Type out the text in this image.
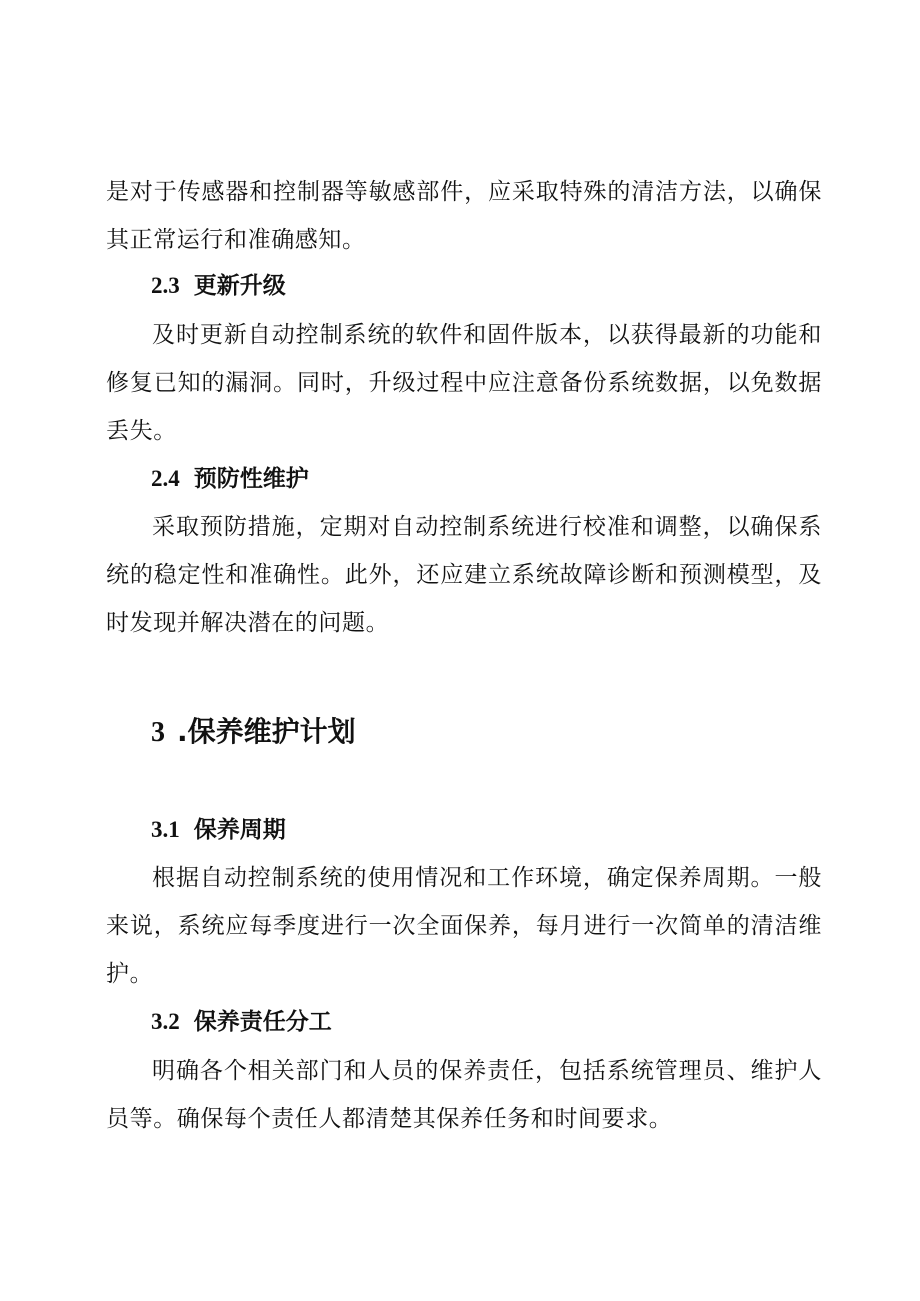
是对于传感器和控制器等敏感部件，应采取特殊的清洁方法，以确保其正常运行和准确感知。

2.3 更新升级

及时更新自动控制系统的软件和固件版本，以获得最新的功能和修复已知的漏洞。同时，升级过程中应注意备份系统数据，以免数据丢失。

2.4 预防性维护

采取预防措施，定期对自动控制系统进行校准和调整，以确保系统的稳定性和准确性。此外，还应建立系统故障诊断和预测模型，及时发现并解决潜在的问题。

3 .保养维护计划
3.1 保养周期

根据自动控制系统的使用情况和工作环境，确定保养周期。一般来说，系统应每季度进行一次全面保养，每月进行一次简单的清洁维护。

3.2 保养责任分工

明确各个相关部门和人员的保养责任，包括系统管理员、维护人员等。确保每个责任人都清楚其保养任务和时间要求。
